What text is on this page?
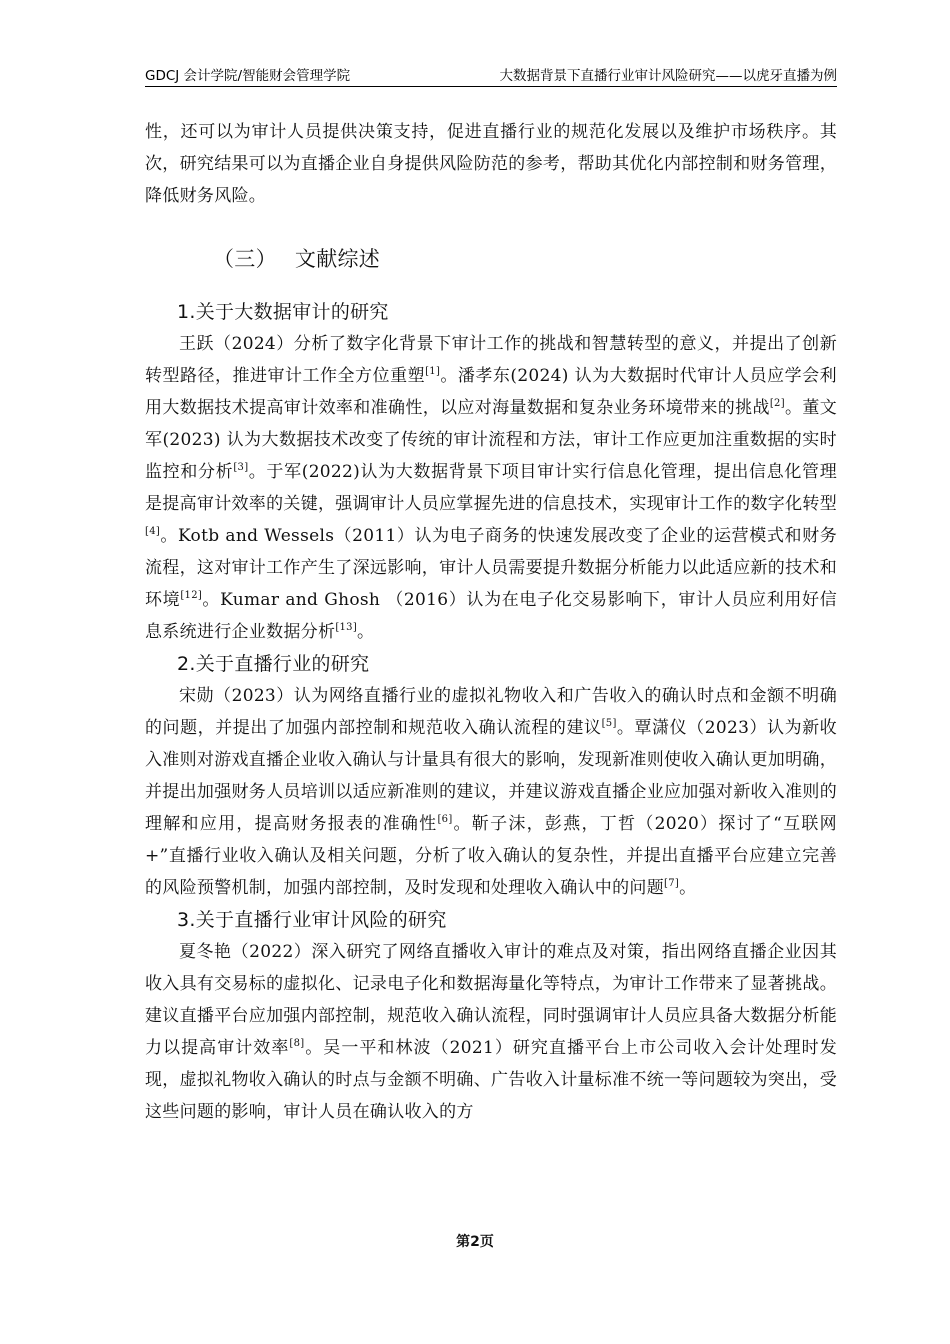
GDCJ 会计学院/智能财会管理学院	大数据背景下直播行业审计风险研究——以虎牙直播为例

性，还可以为审计人员提供决策支持，促进直播行业的规范化发展以及维护市场秩序。其次，研究结果可以为直播企业自身提供风险防范的参考，帮助其优化内部控制和财务管理，降低财务风险。

（三） 文献综述
1.关于大数据审计的研究

王跃（2024）分析了数字化背景下审计工作的挑战和智慧转型的意义，并提出了创新转型路径，推进审计工作全方位重塑[1]。潘孝东(2024) 认为大数据时代审计人员应学会利用大数据技术提高审计效率和准确性，以应对海量数据和复杂业务环境带来的挑战[2]。董文军(2023) 认为大数据技术改变了传统的审计流程和方法，审计工作应更加注重数据的实时监控和分析[3]。于军(2022)认为大数据背景下项目审计实行信息化管理，提出信息化管理是提高审计效率的关键，强调审计人员应掌握先进的信息技术，实现审计工作的数字化转型[4]。Kotb and Wessels（2011）认为电子商务的快速发展改变了企业的运营模式和财务流程，这对审计工作产生了深远影响，审计人员需要提升数据分析能力以此适应新的技术和环境[12]。Kumar and Ghosh （2016）认为在电子化交易影响下，审计人员应利用好信息系统进行企业数据分析[13]。

2.关于直播行业的研究

宋勋（2023）认为网络直播行业的虚拟礼物收入和广告收入的确认时点和金额不明确的问题，并提出了加强内部控制和规范收入确认流程的建议[5]。覃潇仪（2023）认为新收入准则对游戏直播企业收入确认与计量具有很大的影响，发现新准则使收入确认更加明确，并提出加强财务人员培训以适应新准则的建议，并建议游戏直播企业应加强对新收入准则的理解和应用，提高财务报表的准确性[6]。靳子沫，彭燕，丁哲（2020）探讨了“互联网+”直播行业收入确认及相关问题，分析了收入确认的复杂性，并提出直播平台应建立完善的风险预警机制，加强内部控制，及时发现和处理收入确认中的问题[7]。

3.关于直播行业审计风险的研究

夏冬艳（2022）深入研究了网络直播收入审计的难点及对策，指出网络直播企业因其收入具有交易标的虚拟化、记录电子化和数据海量化等特点，为审计工作带来了显著挑战。建议直播平台应加强内部控制，规范收入确认流程，同时强调审计人员应具备大数据分析能力以提高审计效率[8]。吴一平和林波（2021）研究直播平台上市公司收入会计处理时发现，虚拟礼物收入确认的时点与金额不明确、广告收入计量标准不统一等问题较为突出，受这些问题的影响，审计人员在确认收入的方

第2页
